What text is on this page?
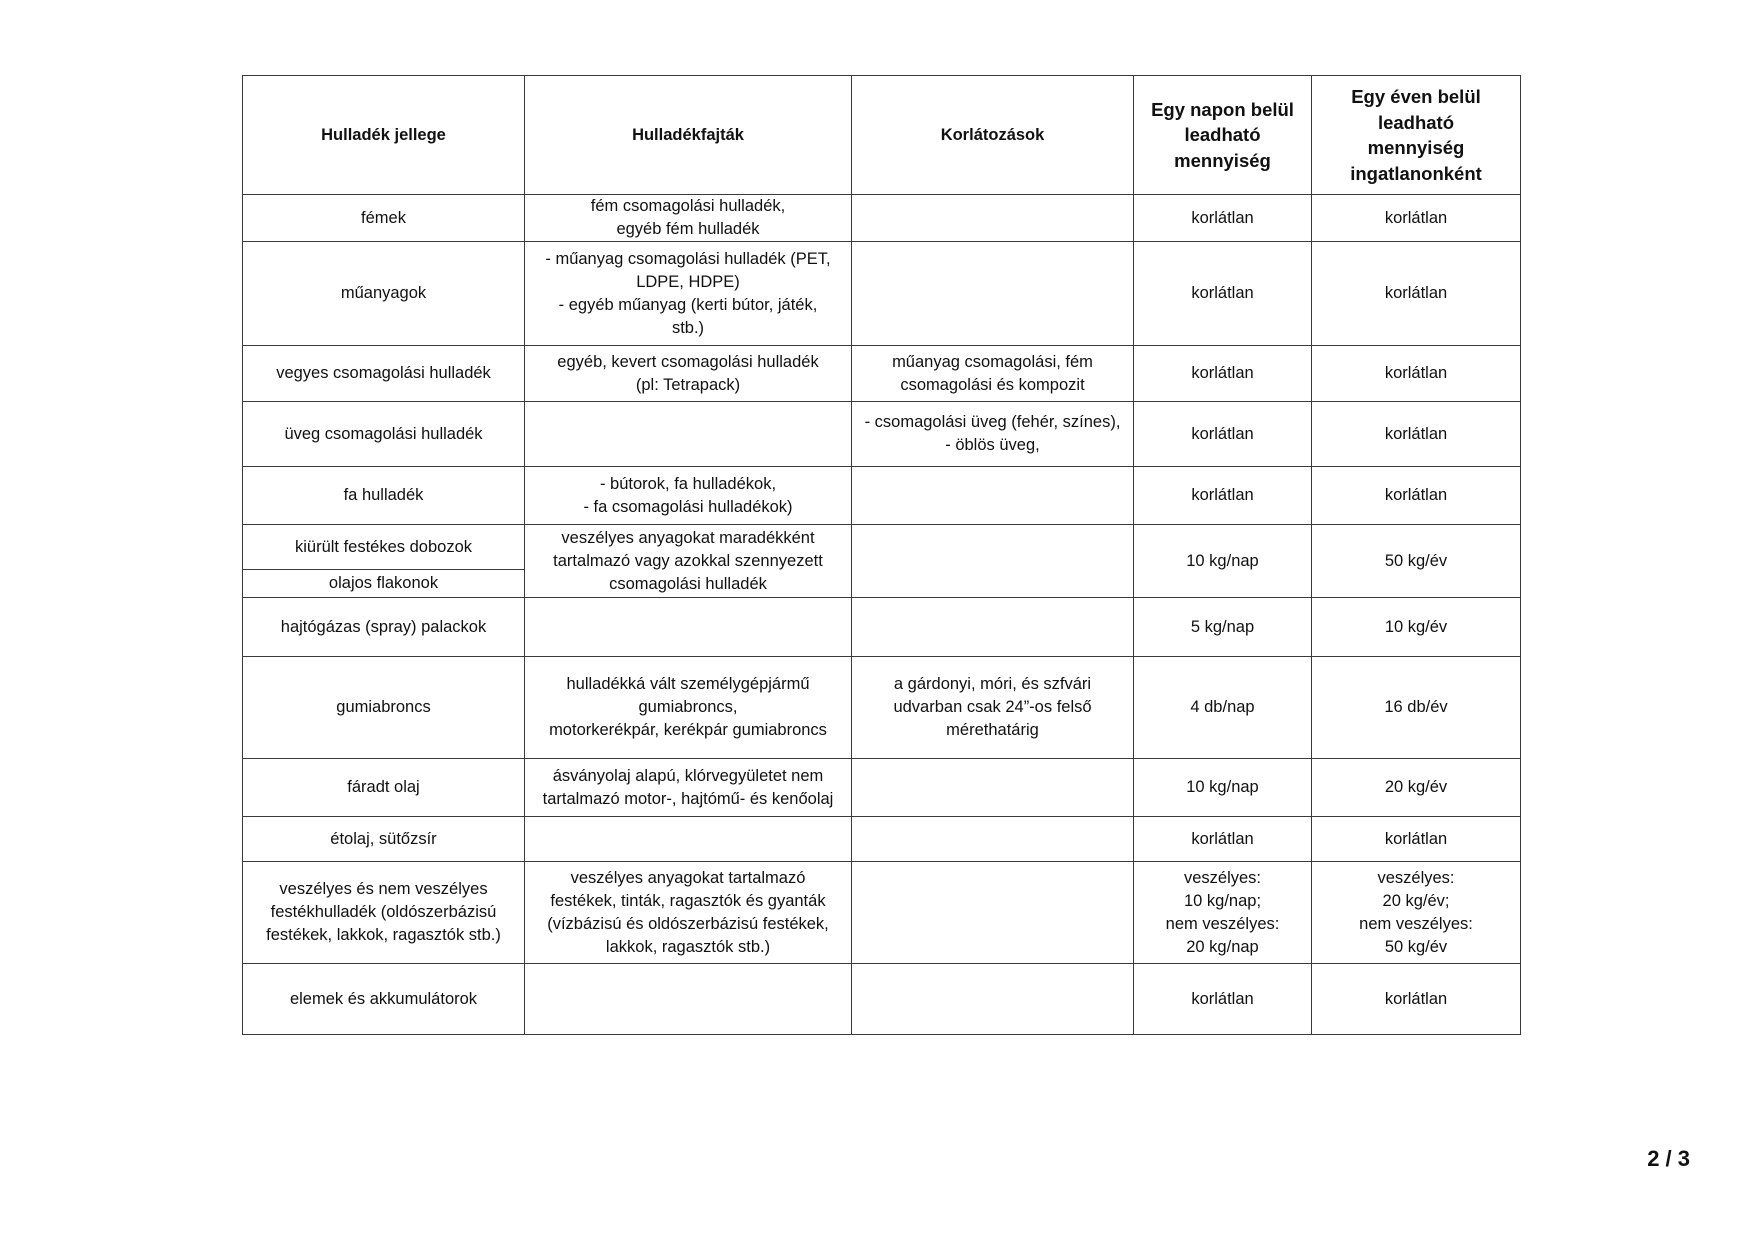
Hulladék jellege	Hulladékfajták	Korlátozások	Egy napon belül
leadható
mennyiség	Egy éven belül
leadható
mennyiség
ingatlanonként
fémek	fém csomagolási hulladék,
egyéb fém hulladék		korlátlan	korlátlan
műanyagok	- műanyag csomagolási hulladék (PET,
LDPE, HDPE)
- egyéb műanyag (kerti bútor, játék,
stb.)		korlátlan	korlátlan
vegyes csomagolási hulladék	egyéb, kevert csomagolási hulladék
(pl: Tetrapack)	műanyag csomagolási, fém
csomagolási és kompozit	korlátlan	korlátlan
üveg csomagolási hulladék		- csomagolási üveg (fehér, színes),
- öblös üveg,	korlátlan	korlátlan
fa hulladék	- bútorok, fa hulladékok,
- fa csomagolási hulladékok)		korlátlan	korlátlan
kiürült festékes dobozok	veszélyes anyagokat maradékként
tartalmazó vagy azokkal szennyezett
csomagolási hulladék		10 kg/nap	50 kg/év
olajos flakonok				
hajtógázas (spray) palackok			5 kg/nap	10 kg/év
gumiabroncs	hulladékká vált személygépjármű
gumiabroncs,
motorkerékpár, kerékpár gumiabroncs	a gárdonyi, móri, és szfvári
udvarban csak 24”-os felső
mérethatárig	4 db/nap	16 db/év
fáradt olaj	ásványolaj alapú, klórvegyületet nem
tartalmazó motor-, hajtómű- és kenőolaj		10 kg/nap	20 kg/év
étolaj, sütőzsír			korlátlan	korlátlan
veszélyes és nem veszélyes
festékhulladék (oldószerbázisú
festékek, lakkok, ragasztók stb.)	veszélyes anyagokat tartalmazó
festékek, tinták, ragasztók és gyanták
(vízbázisú és oldószerbázisú festékek,
lakkok, ragasztók stb.)		veszélyes:
10 kg/nap;
nem veszélyes:
20 kg/nap	veszélyes:
20 kg/év;
nem veszélyes:
50 kg/év
elemek és akkumulátorok			korlátlan	korlátlan
2 / 3
